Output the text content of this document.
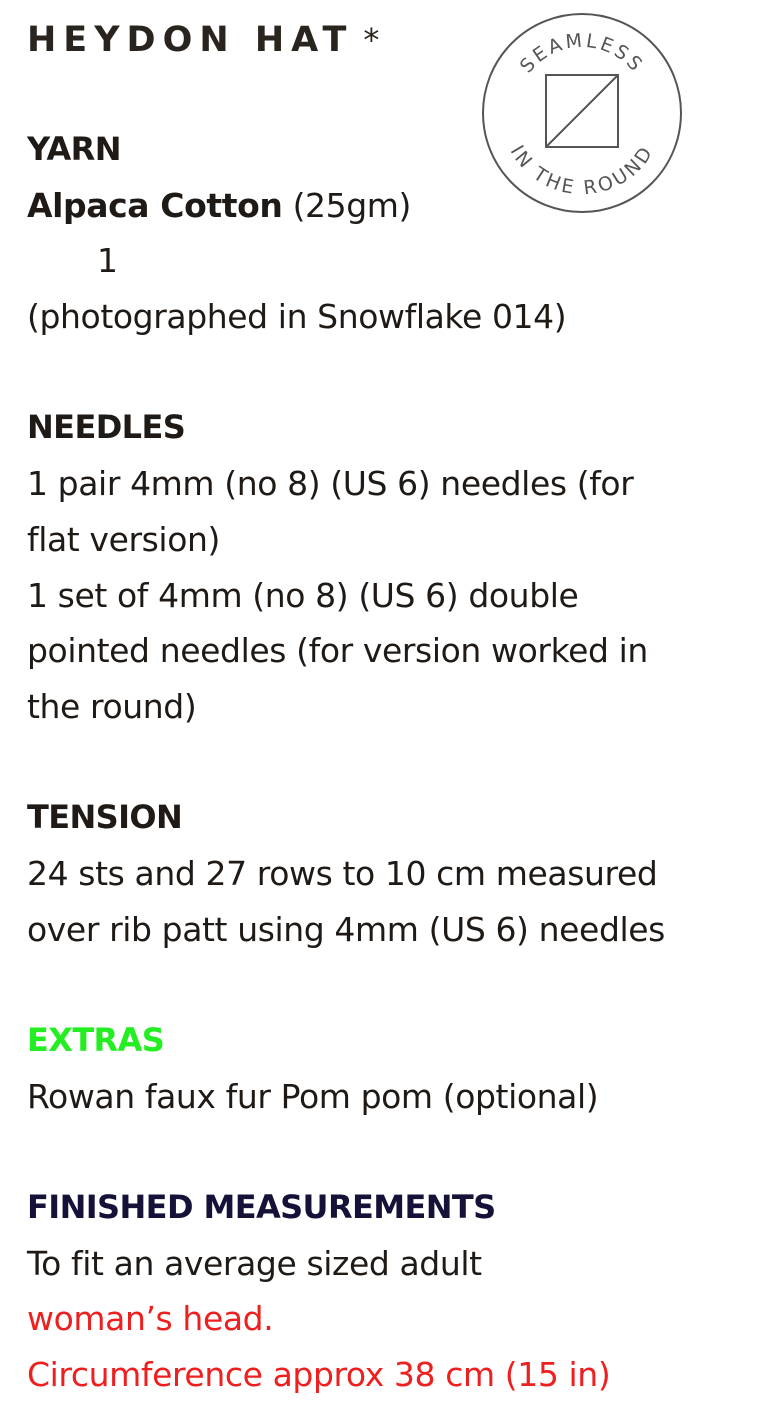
HEYDON HAT *
SEAMLESS
IN THE ROUND
YARN
Alpaca Cotton (25gm)
1
(photographed in Snowflake 014)
NEEDLES
1 pair 4mm (no 8) (US 6) needles (for
flat version)
1 set of 4mm (no 8) (US 6) double
pointed needles (for version worked in
the round)
TENSION
24 sts and 27 rows to 10 cm measured
over rib patt using 4mm (US 6) needles
EXTRAS
Rowan faux fur Pom pom (optional)
FINISHED MEASUREMENTS
To fit an average sized adult
woman’s head.
Circumference approx 38 cm (15 in)
